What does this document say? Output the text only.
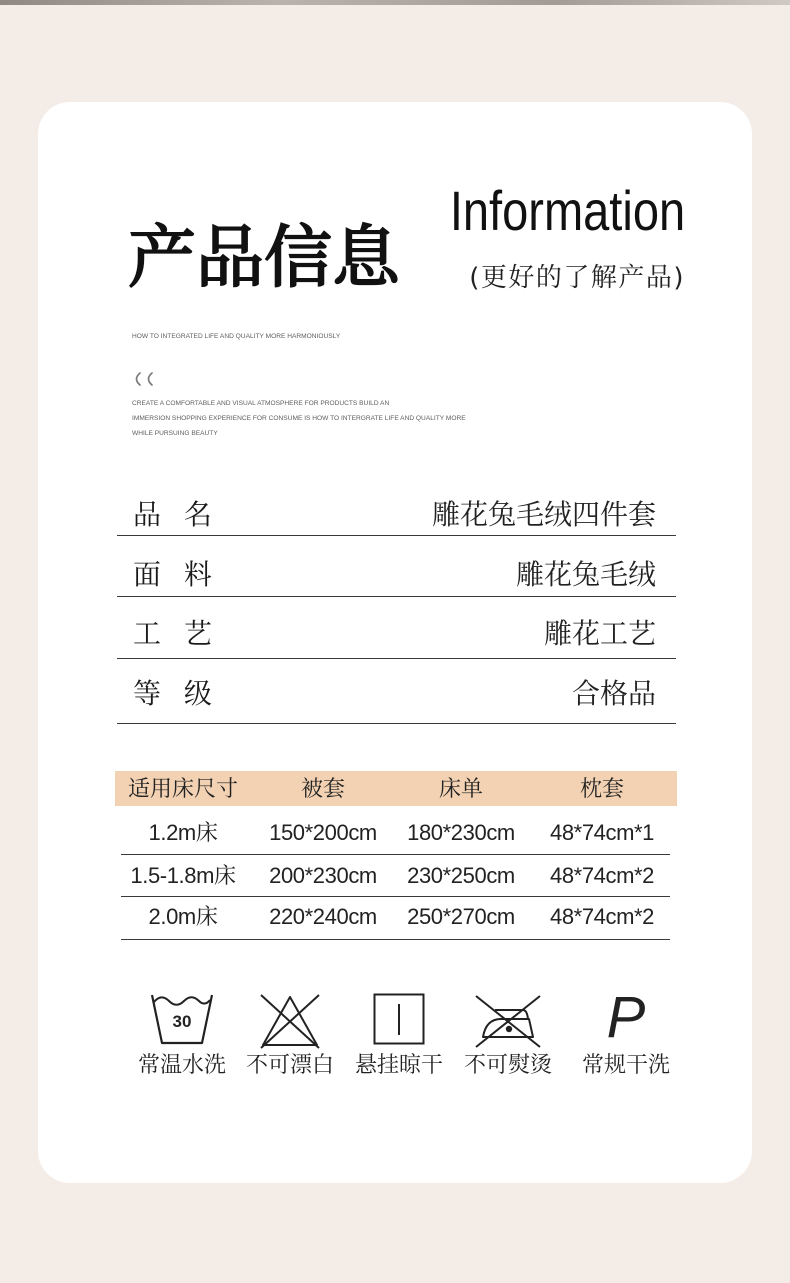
产品信息
Information
(更好的了解产品)
HOW TO INTEGRATED LIFE AND QUALITY MORE HARMONIOUSLY
CREATE A COMFORTABLE AND VISUAL ATMOSPHERE FOR PRODUCTS BUILD AN
IMMERSION SHOPPING EXPERIENCE FOR CONSUME IS HOW TO INTERGRATE LIFE AND QUALITY MORE
WHILE PURSUING BEAUTY
品 名	雕花兔毛绒四件套
面 料	雕花兔毛绒
工 艺	雕花工艺
等 级	合格品
适用床尺寸	被套	床单	枕套
1.2m床	150*200cm	180*230cm	48*74cm*1
1.5-1.8m床	200*230cm	230*250cm	48*74cm*2
2.0m床	220*240cm	250*270cm	48*74cm*2
30
常温水洗 不可漂白 悬挂晾干 不可熨烫
P
常规干洗
